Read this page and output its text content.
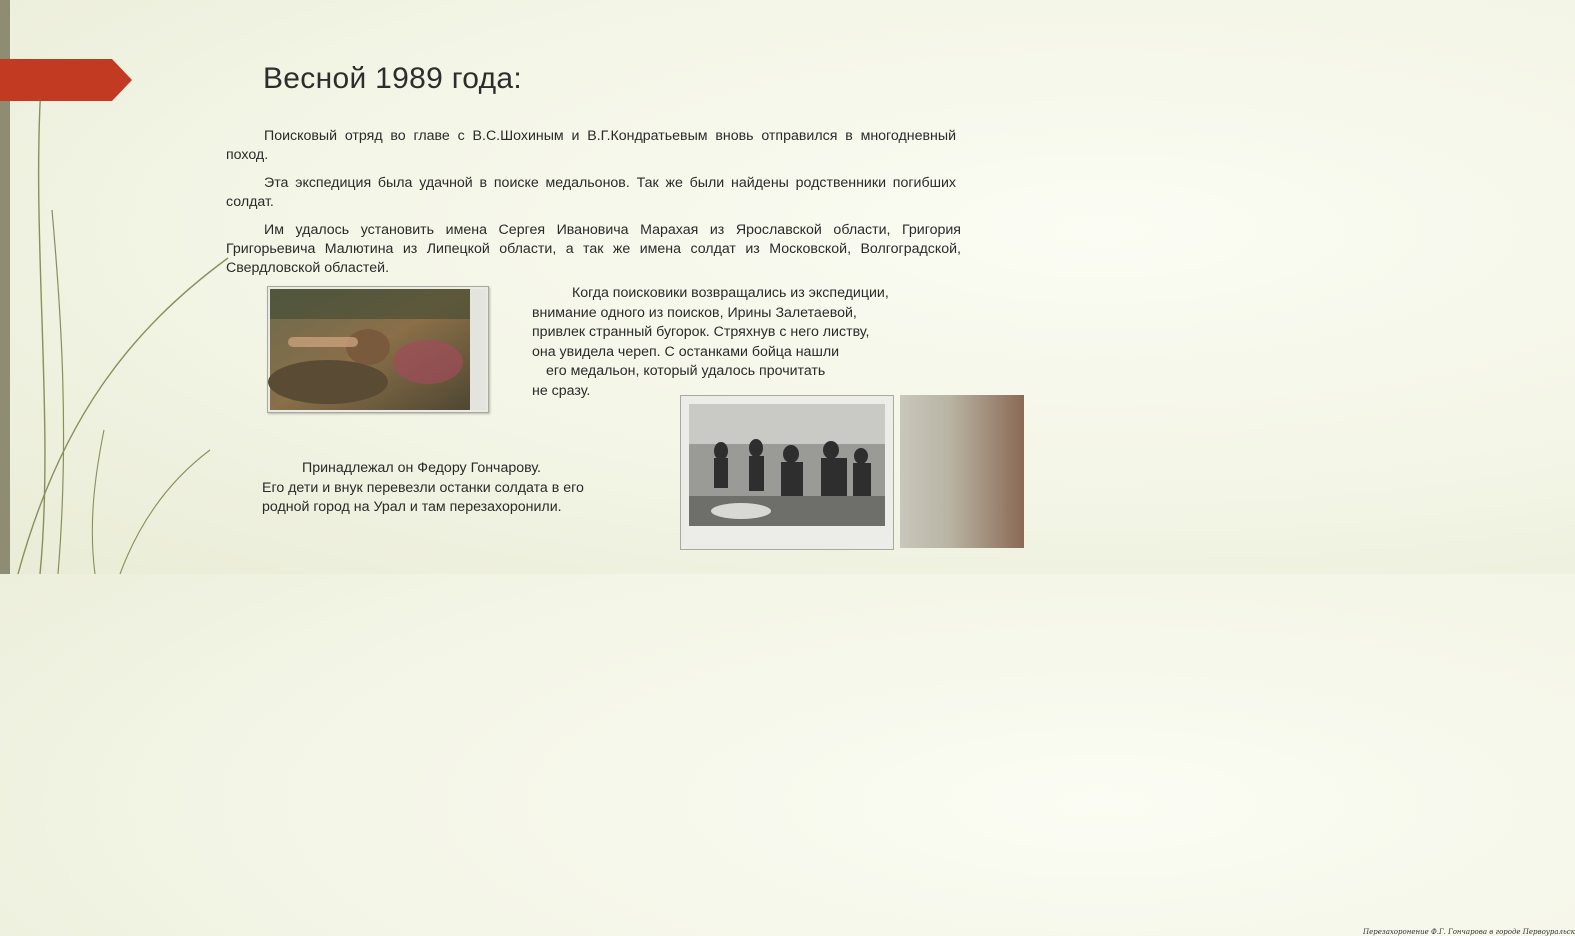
Весной 1989 года:
Поисковый отряд во главе с В.С.Шохиным и В.Г.Кондратьевым вновь отправился в многодневный поход.
Эта экспедиция была удачной в поиске медальонов. Так же были найдены родственники погибших солдат.
Им удалось установить имена Сергея Ивановича Марахая из Ярославской области, Григория Григорьевича Малютина из Липецкой области, а так же имена солдат из Московской, Волгоградской, Свердловской областей.
Когда поисковики возвращались из экспедиции,
внимание одного из поисков, Ирины Залетаевой,
привлек странный бугорок. Стряхнув с него листву,
она увидела череп. С останками бойца нашли
его медальон, который удалось прочитать
не сразу.
Перезахоронение Ф.Г. Гончарова в городе Первоуральск
Принадлежал он Федору Гончарову.
Его дети и внук перевезли останки солдата в его
родной город на Урал и там перезахоронили.
